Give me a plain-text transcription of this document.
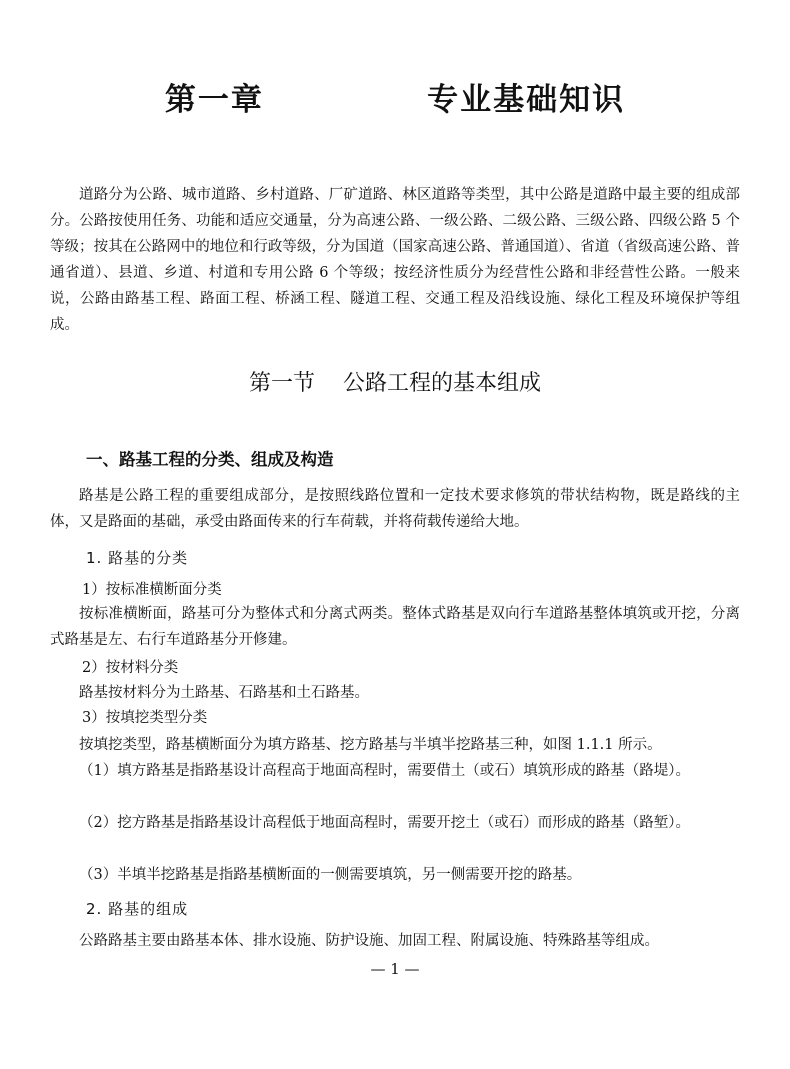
第一章    专业基础知识
道路分为公路、城市道路、乡村道路、厂矿道路、林区道路等类型，其中公路是道路中最主要的组成部分。公路按使用任务、功能和适应交通量，分为高速公路、一级公路、二级公路、三级公路、四级公路 5 个等级；按其在公路网中的地位和行政等级，分为国道（国家高速公路、普通国道）、省道（省级高速公路、普通省道）、县道、乡道、村道和专用公路 6 个等级；按经济性质分为经营性公路和非经营性公路。一般来说，公路由路基工程、路面工程、桥涵工程、隧道工程、交通工程及沿线设施、绿化工程及环境保护等组成。
第一节    公路工程的基本组成
一、路基工程的分类、组成及构造
路基是公路工程的重要组成部分，是按照线路位置和一定技术要求修筑的带状结构物，既是路线的主体，又是路面的基础，承受由路面传来的行车荷载，并将荷载传递给大地。
1. 路基的分类
1）按标准横断面分类
按标准横断面，路基可分为整体式和分离式两类。整体式路基是双向行车道路基整体填筑或开挖，分离式路基是左、右行车道路基分开修建。
2）按材料分类
路基按材料分为土路基、石路基和土石路基。
3）按填挖类型分类
按填挖类型，路基横断面分为填方路基、挖方路基与半填半挖路基三种，如图 1.1.1 所示。
（1）填方路基是指路基设计高程高于地面高程时，需要借土（或石）填筑形成的路基（路堤）。
（2）挖方路基是指路基设计高程低于地面高程时，需要开挖土（或石）而形成的路基（路堑）。
（3）半填半挖路基是指路基横断面的一侧需要填筑，另一侧需要开挖的路基。
2. 路基的组成
公路路基主要由路基本体、排水设施、防护设施、加固工程、附属设施、特殊路基等组成。
— 1 —
